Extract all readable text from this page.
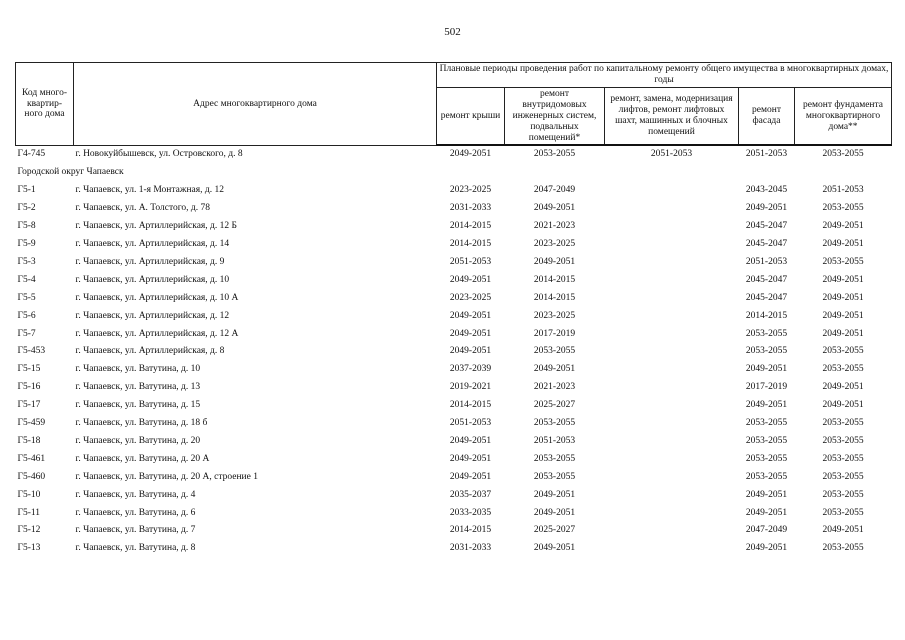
502
Код много-квартир-ного дома	Адрес многоквартирного дома	Плановые периоды проведения работ по капитальному ремонту общего имущества в многоквартирных домах, годы				
		ремонт крыши	ремонт внутридомовых инженерных систем, подвальных помещений*	ремонт, замена, модернизация лифтов, ремонт лифтовых шахт, машинных и блочных помещений	ремонт фасада	ремонт фундамента многоквартирного дома**
Г4-745	г. Новокуйбышевск, ул. Островского, д. 8	2049-2051	2053-2055	2051-2053	2051-2053	2053-2055
Городской округ Чапаевск						
Г5-1	г. Чапаевск, ул. 1-я Монтажная, д. 12	2023-2025	2047-2049		2043-2045	2051-2053
Г5-2	г. Чапаевск, ул. А. Толстого, д. 78	2031-2033	2049-2051		2049-2051	2053-2055
Г5-8	г. Чапаевск, ул. Артиллерийская, д. 12 Б	2014-2015	2021-2023		2045-2047	2049-2051
Г5-9	г. Чапаевск, ул. Артиллерийская, д. 14	2014-2015	2023-2025		2045-2047	2049-2051
Г5-3	г. Чапаевск, ул. Артиллерийская, д. 9	2051-2053	2049-2051		2051-2053	2053-2055
Г5-4	г. Чапаевск, ул. Артиллерийская, д. 10	2049-2051	2014-2015		2045-2047	2049-2051
Г5-5	г. Чапаевск, ул. Артиллерийская, д. 10 А	2023-2025	2014-2015		2045-2047	2049-2051
Г5-6	г. Чапаевск, ул. Артиллерийская, д. 12	2049-2051	2023-2025		2014-2015	2049-2051
Г5-7	г. Чапаевск, ул. Артиллерийская, д. 12 А	2049-2051	2017-2019		2053-2055	2049-2051
Г5-453	г. Чапаевск, ул. Артиллерийская, д. 8	2049-2051	2053-2055		2053-2055	2053-2055
Г5-15	г. Чапаевск, ул. Ватутина, д. 10	2037-2039	2049-2051		2049-2051	2053-2055
Г5-16	г. Чапаевск, ул. Ватутина, д. 13	2019-2021	2021-2023		2017-2019	2049-2051
Г5-17	г. Чапаевск, ул. Ватутина, д. 15	2014-2015	2025-2027		2049-2051	2049-2051
Г5-459	г. Чапаевск, ул. Ватутина, д. 18 б	2051-2053	2053-2055		2053-2055	2053-2055
Г5-18	г. Чапаевск, ул. Ватутина, д. 20	2049-2051	2051-2053		2053-2055	2053-2055
Г5-461	г. Чапаевск, ул. Ватутина, д. 20 А	2049-2051	2053-2055		2053-2055	2053-2055
Г5-460	г. Чапаевск, ул. Ватутина, д. 20 А, строение 1	2049-2051	2053-2055		2053-2055	2053-2055
Г5-10	г. Чапаевск, ул. Ватутина, д. 4	2035-2037	2049-2051		2049-2051	2053-2055
Г5-11	г. Чапаевск, ул. Ватутина, д. 6	2033-2035	2049-2051		2049-2051	2053-2055
Г5-12	г. Чапаевск, ул. Ватутина, д. 7	2014-2015	2025-2027		2047-2049	2049-2051
Г5-13	г. Чапаевск, ул. Ватутина, д. 8	2031-2033	2049-2051		2049-2051	2053-2055
